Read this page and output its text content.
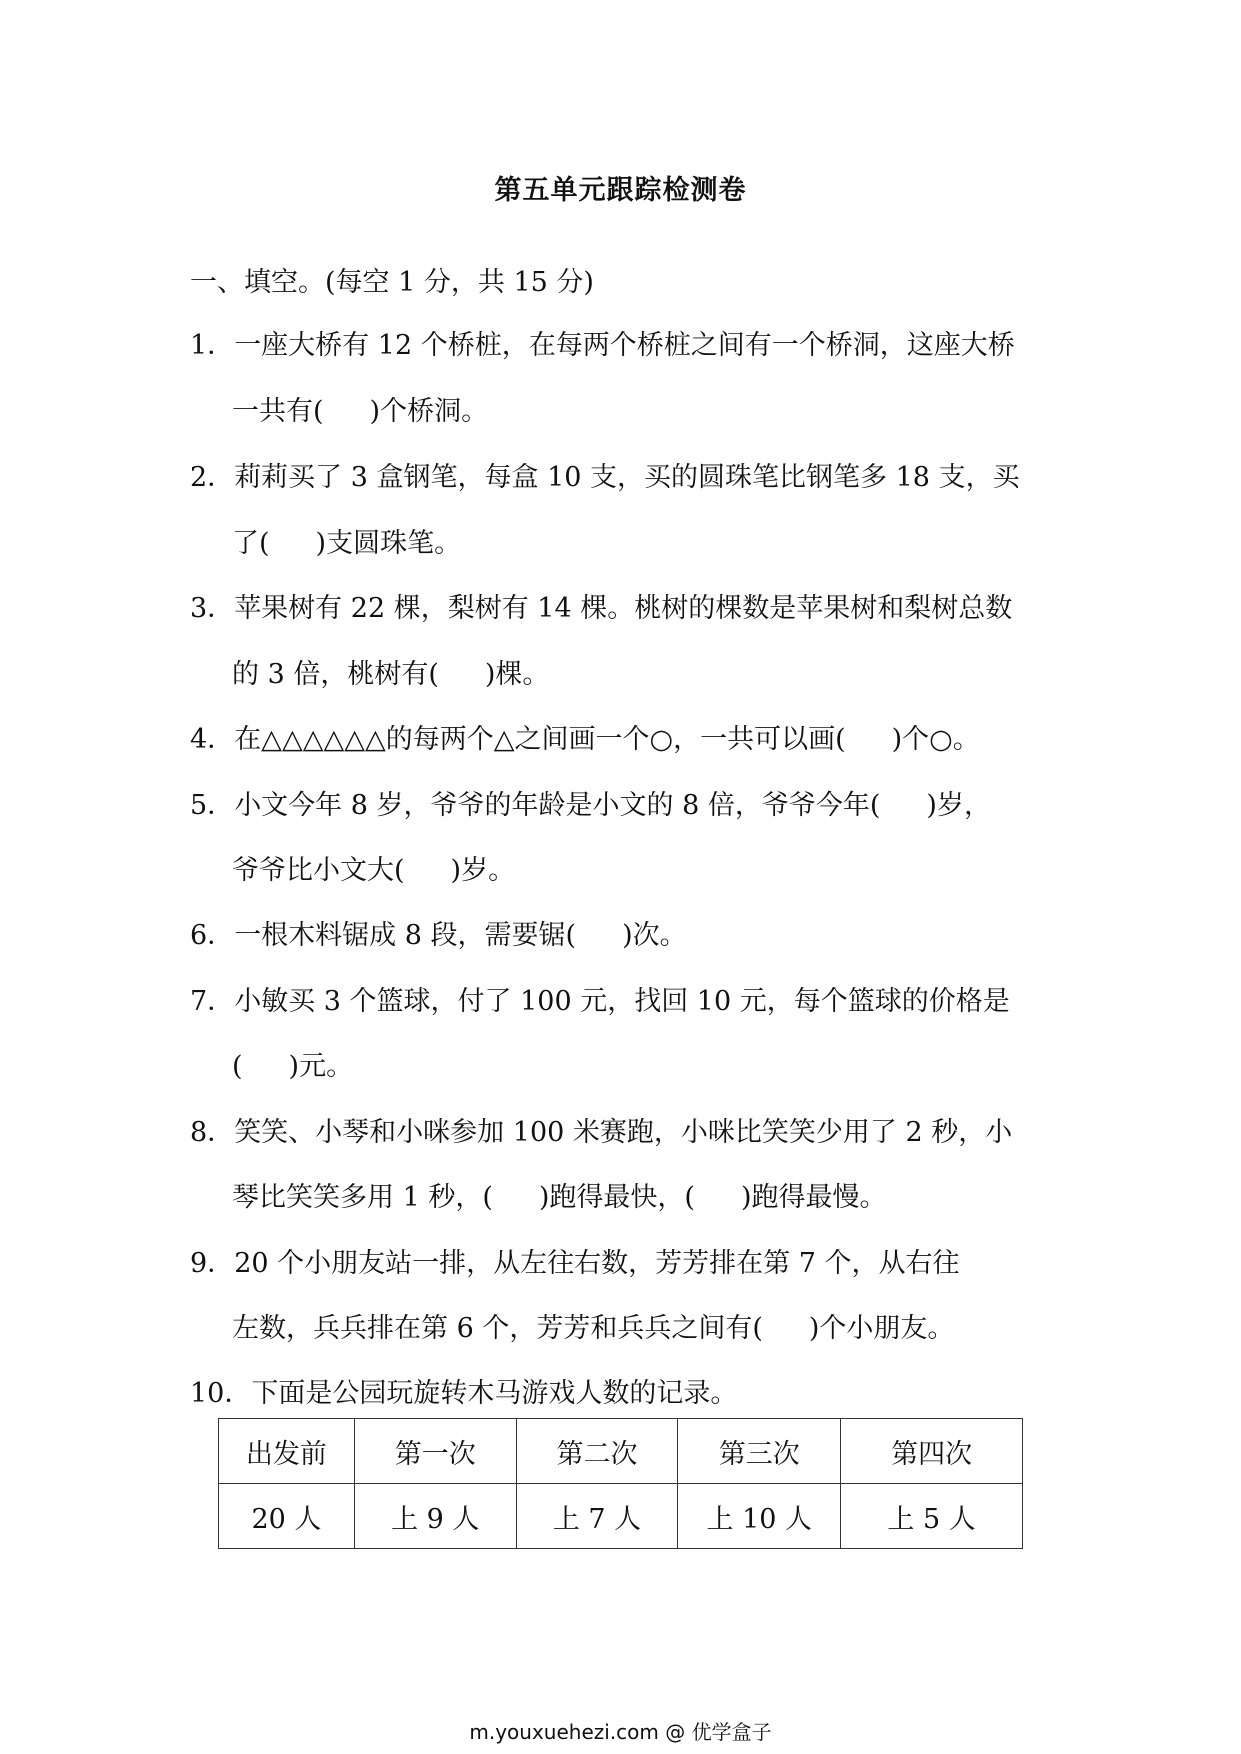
第五单元跟踪检测卷
一、填空。(每空 1 分，共 15 分)
1．一座大桥有 12 个桥桩，在每两个桥桩之间有一个桥洞，这座大桥
一共有( )个桥洞。
2．莉莉买了 3 盒钢笔，每盒 10 支，买的圆珠笔比钢笔多 18 支，买
了( )支圆珠笔。
3．苹果树有 22 棵，梨树有 14 棵。桃树的棵数是苹果树和梨树总数
的 3 倍，桃树有( )棵。
4．在△△△△△△的每两个△之间画一个○，一共可以画( )个○。
5．小文今年 8 岁，爷爷的年龄是小文的 8 倍，爷爷今年( )岁，
爷爷比小文大( )岁。
6．一根木料锯成 8 段，需要锯( )次。
7．小敏买 3 个篮球，付了 100 元，找回 10 元，每个篮球的价格是
( )元。
8．笑笑、小琴和小咪参加 100 米赛跑，小咪比笑笑少用了 2 秒，小
琴比笑笑多用 1 秒，( )跑得最快，( )跑得最慢。
9．20 个小朋友站一排，从左往右数，芳芳排在第 7 个，从右往
左数，兵兵排在第 6 个，芳芳和兵兵之间有( )个小朋友。
10．下面是公园玩旋转木马游戏人数的记录。
出发前	第一次	第二次	第三次	第四次
20 人	上 9 人	上 7 人	上 10 人	上 5 人
m.youxuehezi.com @ 优学盒子
